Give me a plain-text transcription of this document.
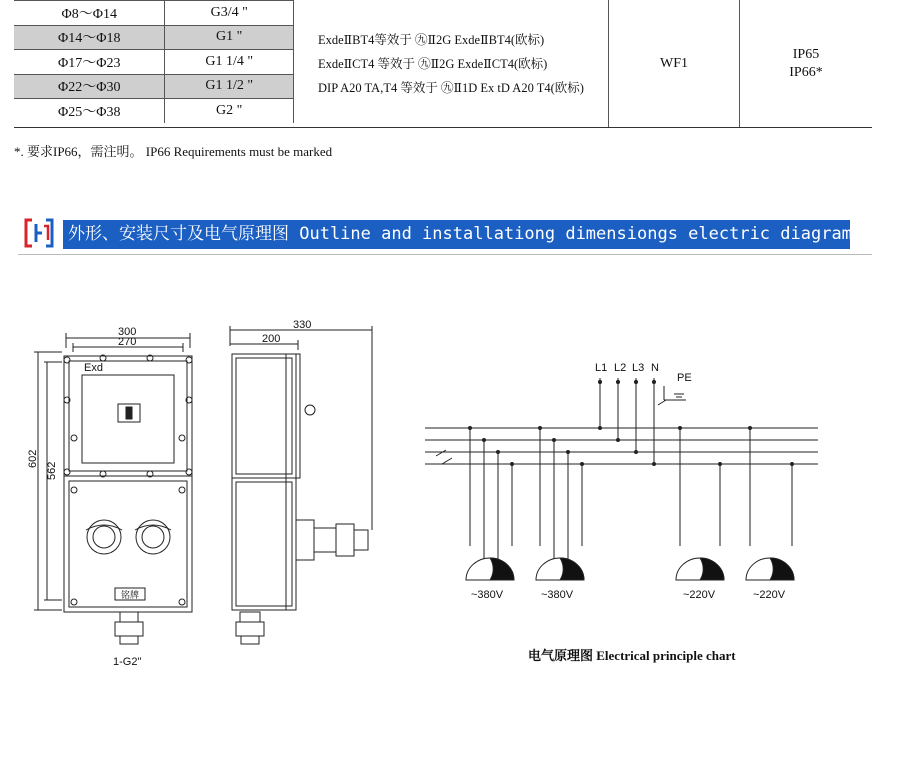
Φ8～Φ14	G3/4 "
Φ14～Φ18	G1 "
Φ17～Φ23	G1 1/4 "
Φ22～Φ30	G1 1/2 "
Φ25～Φ38	G2 "
ExdeⅡBT4等效于 ㊈Ⅱ2G ExdeⅡBT4(欧标)
ExdeⅡCT4 等效于 ㊈Ⅱ2G ExdeⅡCT4(欧标)
DIP A20 TA,T4 等效于 ㊈Ⅱ1D Ex tD A20 T4(欧标)
WF1
IP65
IP66*
*. 要求IP66，需注明。 IP66 Requirements must be marked
外形、安装尺寸及电气原理图 Outline and installationg dimensiongs electric diagrams
300
270
602
562
Exd
铭牌
1-G2"
330
200
L1 L2 L3 N
PE
~380V	~380V	~220V	~220V
电气原理图 Electrical principle chart
